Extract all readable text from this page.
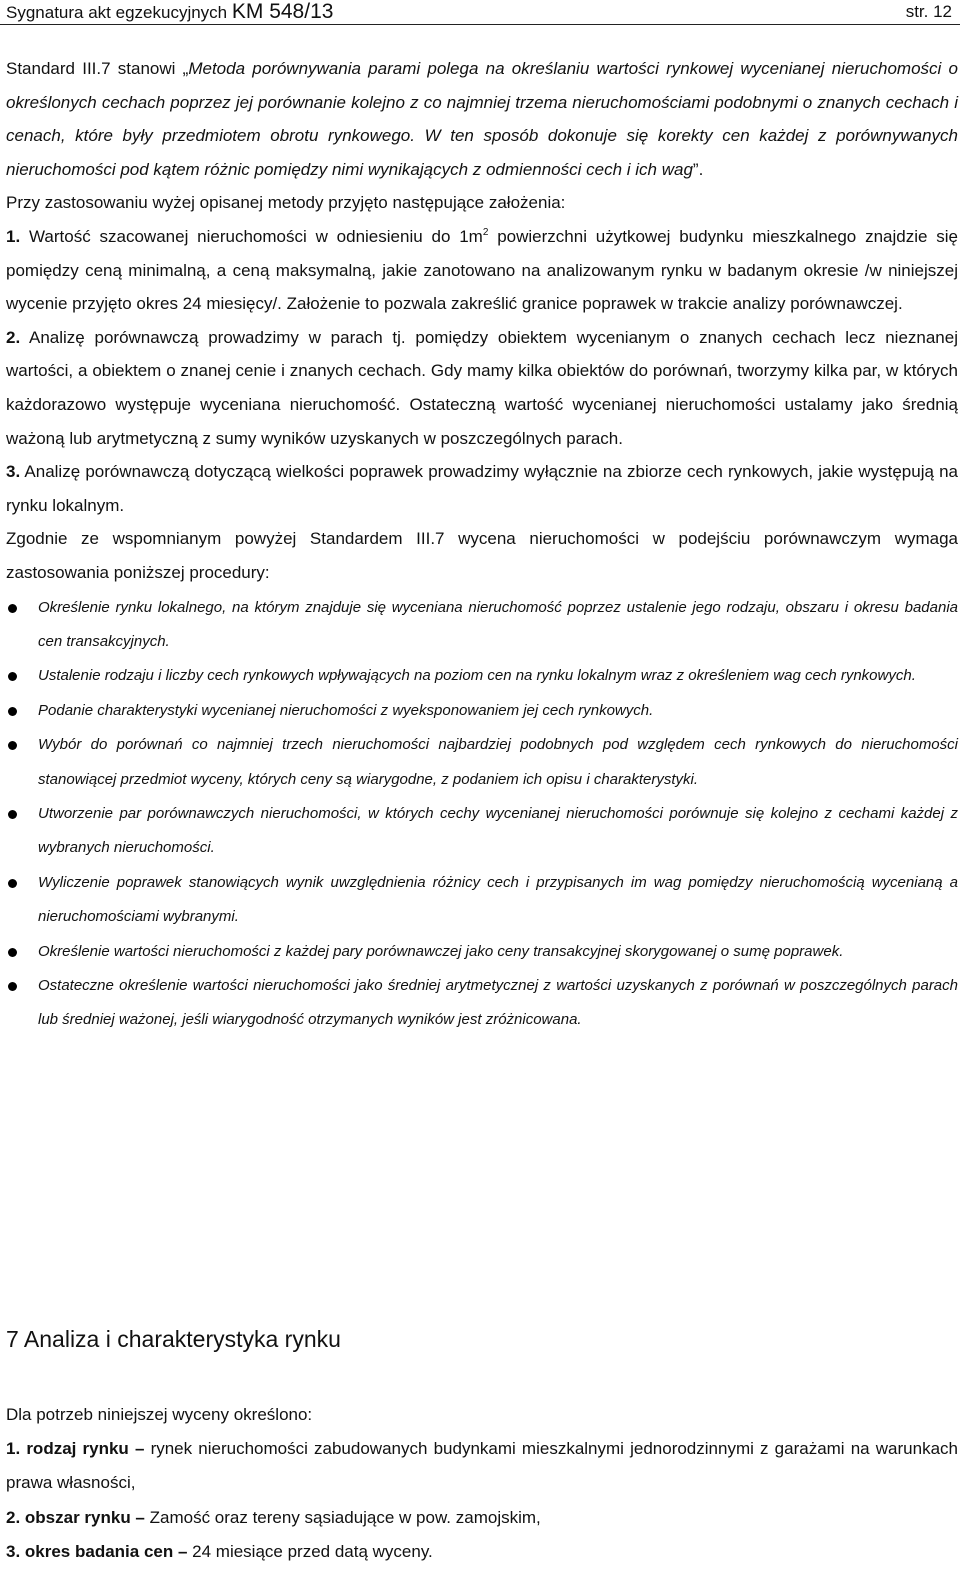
Sygnatura akt egzekucyjnych KM 548/13	str. 12

Standard III.7 stanowi „Metoda porównywania parami polega na określaniu wartości rynkowej wycenianej nieruchomości o określonych cechach poprzez jej porównanie kolejno z co najmniej trzema nieruchomościami podobnymi o znanych cechach i cenach, które były przedmiotem obrotu rynkowego. W ten sposób dokonuje się korekty cen każdej z porównywanych nieruchomości pod kątem różnic pomiędzy nimi wynikających z odmienności cech i ich wag”.

Przy zastosowaniu wyżej opisanej metody przyjęto następujące założenia:

1. Wartość szacowanej nieruchomości w odniesieniu do $1m^2$ powierzchni użytkowej budynku mieszkalnego znajdzie się pomiędzy ceną minimalną, a ceną maksymalną, jakie zanotowano na analizowanym rynku w badanym okresie /w niniejszej wycenie przyjęto okres 24 miesięcy/. Założenie to pozwala zakreślić granice poprawek w trakcie analizy porównawczej.

2. Analizę porównawczą prowadzimy w parach tj. pomiędzy obiektem wycenianym o znanych cechach lecz nieznanej wartości, a obiektem o znanej cenie i znanych cechach. Gdy mamy kilka obiektów do porównań, tworzymy kilka par, w których każdorazowo występuje wyceniana nieruchomość. Ostateczną wartość wycenianej nieruchomości ustalamy jako średnią ważoną lub arytmetyczną z sumy wyników uzyskanych w poszczególnych parach.

3. Analizę porównawczą dotyczącą wielkości poprawek prowadzimy wyłącznie na zbiorze cech rynkowych, jakie występują na rynku lokalnym.

Zgodnie ze wspomnianym powyżej Standardem III.7 wycena nieruchomości w podejściu porównawczym wymaga zastosowania poniższej procedury:

Określenie rynku lokalnego, na którym znajduje się wyceniana nieruchomość poprzez ustalenie jego rodzaju, obszaru i okresu badania cen transakcyjnych.
Ustalenie rodzaju i liczby cech rynkowych wpływających na poziom cen na rynku lokalnym wraz z określeniem wag cech rynkowych.
Podanie charakterystyki wycenianej nieruchomości z wyeksponowaniem jej cech rynkowych.
Wybór do porównań co najmniej trzech nieruchomości najbardziej podobnych pod względem cech rynkowych do nieruchomości stanowiącej przedmiot wyceny, których ceny są wiarygodne, z podaniem ich opisu i charakterystyki.
Utworzenie par porównawczych nieruchomości, w których cechy wycenianej nieruchomości porównuje się kolejno z cechami każdej z wybranych nieruchomości.
Wyliczenie poprawek stanowiących wynik uwzględnienia różnicy cech i przypisanych im wag pomiędzy nieruchomością wycenianą a nieruchomościami wybranymi.
Określenie wartości nieruchomości z każdej pary porównawczej jako ceny transakcyjnej skorygowanej o sumę poprawek.
Ostateczne określenie wartości nieruchomości jako średniej arytmetycznej z wartości uzyskanych z porównań w poszczególnych parach lub średniej ważonej, jeśli wiarygodność otrzymanych wyników jest zróżnicowana.
7 Analiza i charakterystyka rynku

Dla potrzeb niniejszej wyceny określono:

1. rodzaj rynku – rynek nieruchomości zabudowanych budynkami mieszkalnymi jednorodzinnymi z garażami na warunkach prawa własności,

2. obszar rynku – Zamość oraz tereny sąsiadujące w pow. zamojskim,

3. okres badania cen – 24 miesiące przed datą wyceny.
